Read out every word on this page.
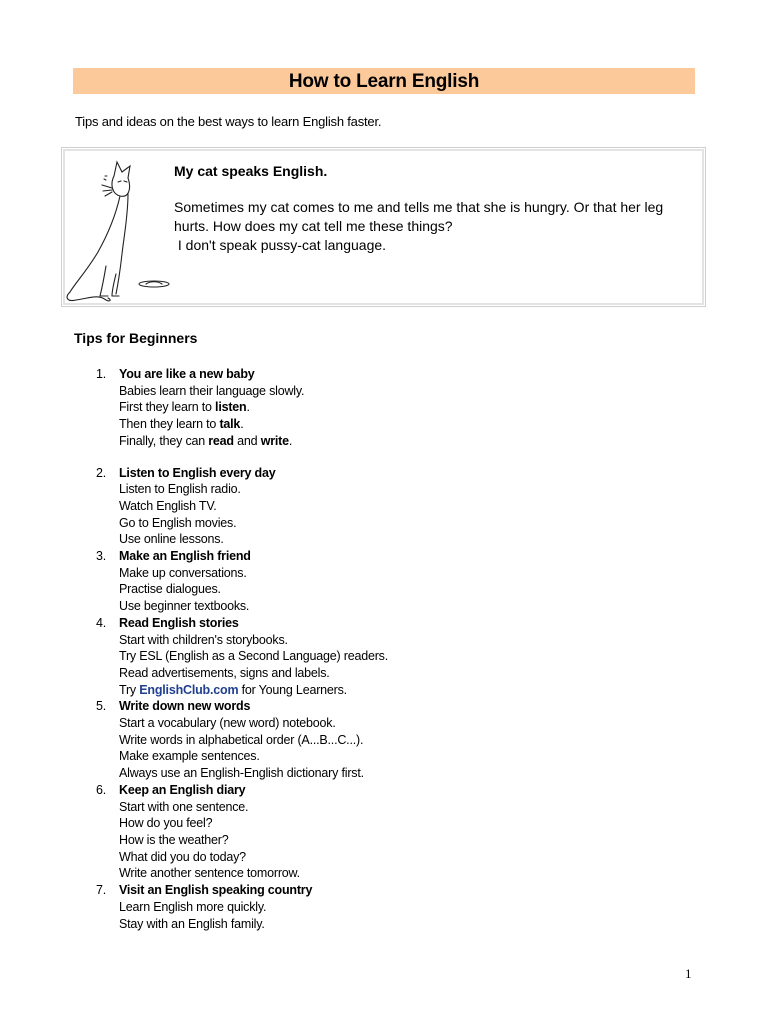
How to Learn English
Tips and ideas on the best ways to learn English faster.
My cat speaks English.

Sometimes my cat comes to me and tells me that she is hungry. Or that her leg hurts. How does my cat tell me these things?

I don't speak pussy-cat language.

Tips for Beginners
1. You are like a new baby
Babies learn their language slowly.
First they learn to listen.
Then they learn to talk.
Finally, they can read and write.
2. Listen to English every day
Listen to English radio.
Watch English TV.
Go to English movies.
Use online lessons.
3. Make an English friend
Make up conversations.
Practise dialogues.
Use beginner textbooks.
4. Read English stories
Start with children's storybooks.
Try ESL (English as a Second Language) readers.
Read advertisements, signs and labels.
Try EnglishClub.com for Young Learners.
5. Write down new words
Start a vocabulary (new word) notebook.
Write words in alphabetical order (A...B...C...).
Make example sentences.
Always use an English-English dictionary first.
6. Keep an English diary
Start with one sentence.
How do you feel?
How is the weather?
What did you do today?
Write another sentence tomorrow.
7. Visit an English speaking country
Learn English more quickly.
Stay with an English family.
1
